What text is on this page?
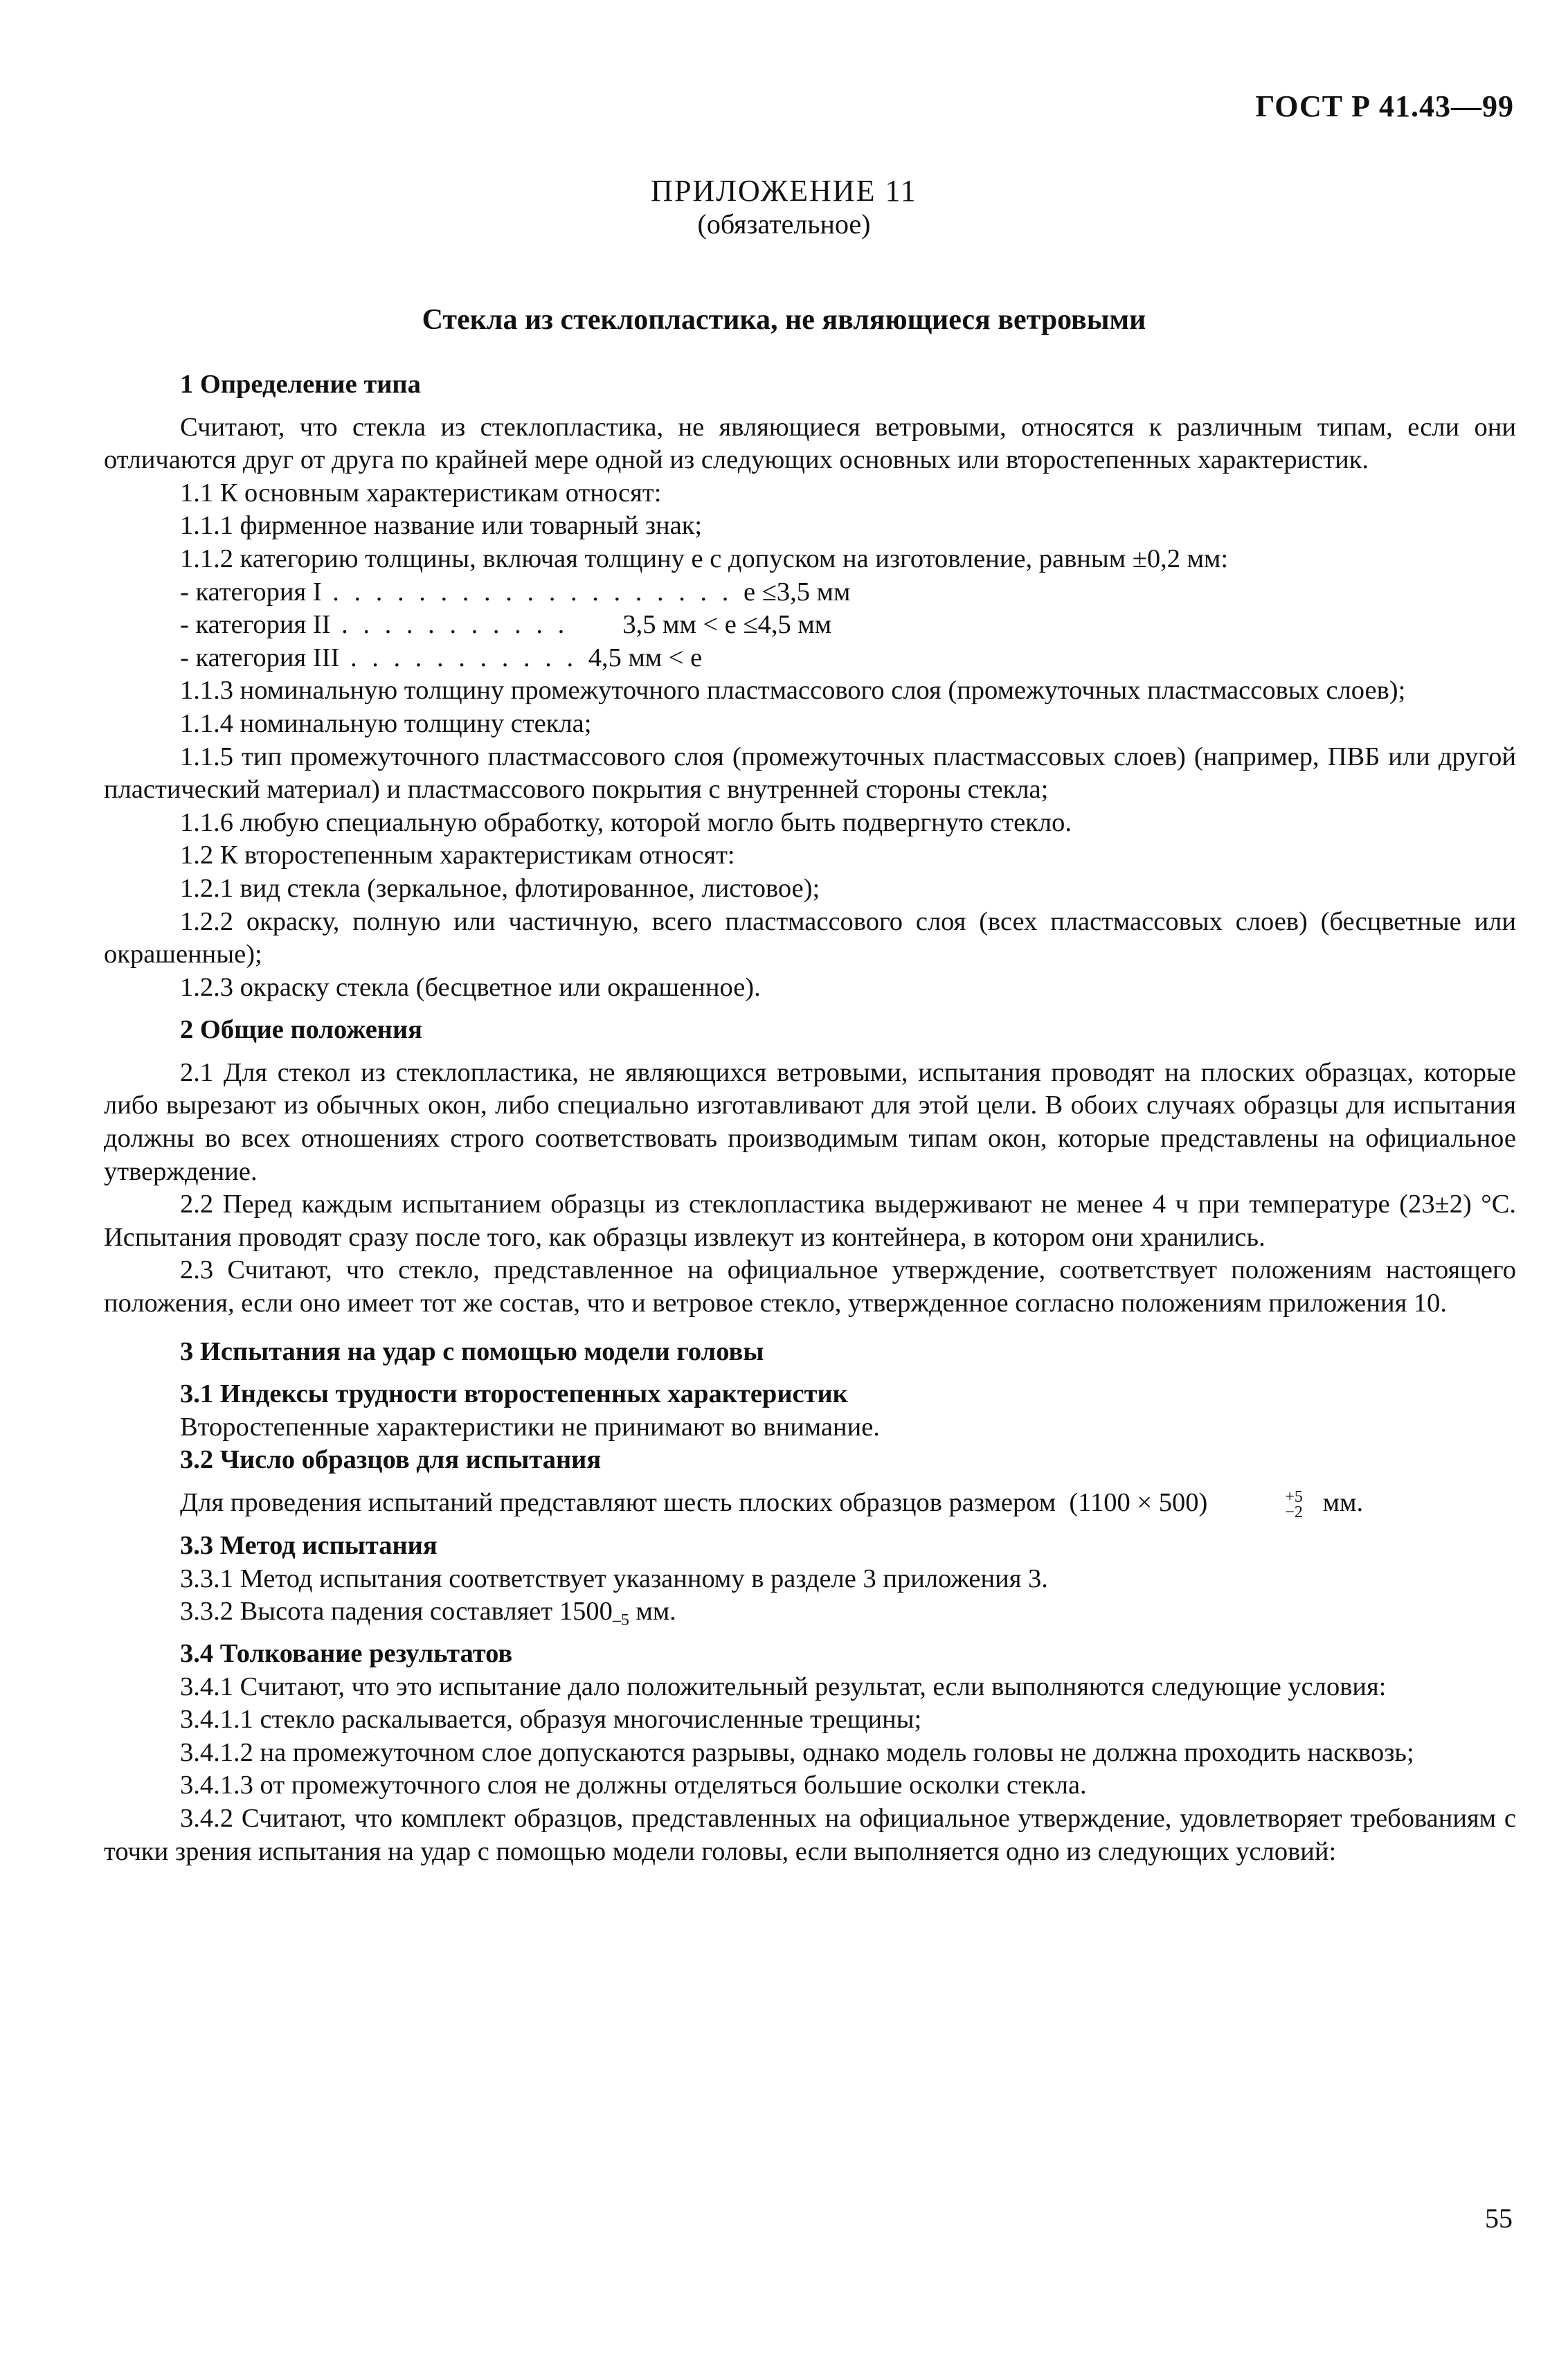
ГОСТ Р 41.43—99
ПРИЛОЖЕНИЕ 11
(обязательное)
Стекла из стеклопластика, не являющиеся ветровыми

1 Определение типа

Считают, что стекла из стеклопластика, не являющиеся ветровыми, относятся к различным типам, если они отличаются друг от друга по крайней мере одной из следующих основных или второстепенных характеристик.

1.1 К основным характеристикам относят:

1.1.1 фирменное название или товарный знак;

1.1.2 категорию толщины, включая толщину e с допуском на изготовление, равным ±0,2 мм:

- категория I . . . . . . . . . . . . . . . . . . . e ≤3,5 мм

- категория II . . . . . . . . . . .     3,5 мм < e ≤4,5 мм

- категория III . . . . . . . . . . . 4,5 мм < e

1.1.3 номинальную толщину промежуточного пластмассового слоя (промежуточных пластмассовых слоев);

1.1.4 номинальную толщину стекла;

1.1.5 тип промежуточного пластмассового слоя (промежуточных пластмассовых слоев) (например, ПВБ или другой пластический материал) и пластмассового покрытия с внутренней стороны стекла;

1.1.6 любую специальную обработку, которой могло быть подвергнуто стекло.

1.2 К второстепенным характеристикам относят:

1.2.1 вид стекла (зеркальное, флотированное, листовое);

1.2.2 окраску, полную или частичную, всего пластмассового слоя (всех пластмассовых слоев) (бесцветные или окрашенные);

1.2.3 окраску стекла (бесцветное или окрашенное).

2 Общие положения

2.1 Для стекол из стеклопластика, не являющихся ветровыми, испытания проводят на плоских образцах, которые либо вырезают из обычных окон, либо специально изготавливают для этой цели. В обоих случаях образцы для испытания должны во всех отношениях строго соответствовать производимым типам окон, которые представлены на официальное утверждение.

2.2 Перед каждым испытанием образцы из стеклопластика выдерживают не менее 4 ч при температуре (23±2) °С. Испытания проводят сразу после того, как образцы извлекут из контейнера, в котором они хранились.

2.3 Считают, что стекло, представленное на официальное утверждение, соответствует положениям настоящего положения, если оно имеет тот же состав, что и ветровое стекло, утвержденное согласно положениям приложения 10.

3 Испытания на удар с помощью модели головы

3.1 Индексы трудности второстепенных характеристик

Второстепенные характеристики не принимают во внимание.

3.2 Число образцов для испытания

Для проведения испытаний представляют шесть плоских образцов размером (1100 × 500)	+5
−2 мм.

3.3 Метод испытания

3.3.1 Метод испытания соответствует указанному в разделе 3 приложения 3.

3.3.2 Высота падения составляет $1500_{-5}$ мм.

3.4 Толкование результатов

3.4.1 Считают, что это испытание дало положительный результат, если выполняются следующие условия:

3.4.1.1 стекло раскалывается, образуя многочисленные трещины;

3.4.1.2 на промежуточном слое допускаются разрывы, однако модель головы не должна проходить насквозь;

3.4.1.3 от промежуточного слоя не должны отделяться большие осколки стекла.

3.4.2 Считают, что комплект образцов, представленных на официальное утверждение, удовлетворяет требованиям с точки зрения испытания на удар с помощью модели головы, если выполняется одно из следующих условий:

55
